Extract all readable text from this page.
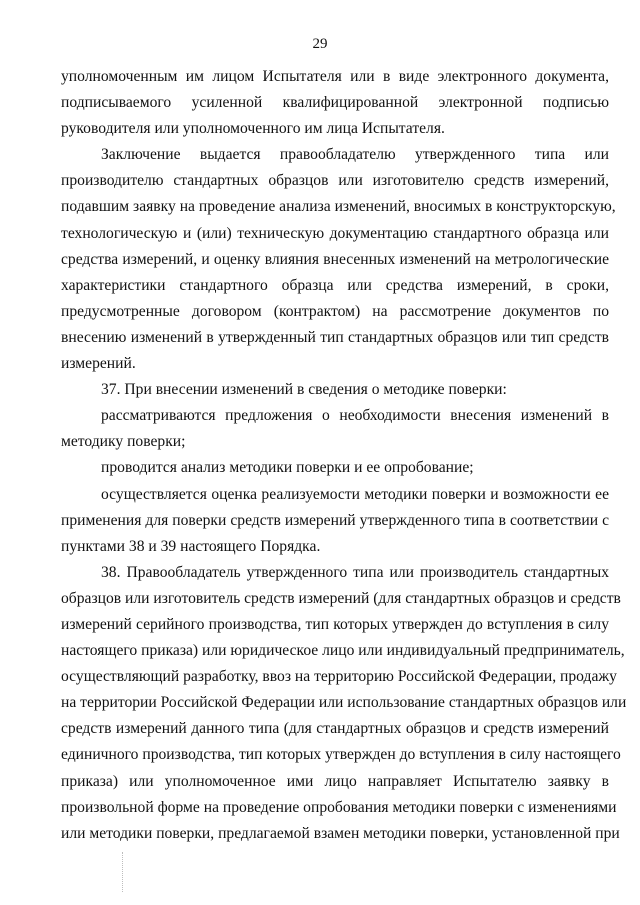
29
уполномоченным им лицом Испытателя или в виде электронного документа,
подписываемого усиленной квалифицированной электронной подписью
руководителя или уполномоченного им лица Испытателя.
Заключение выдается правообладателю утвержденного типа или
производителю стандартных образцов или изготовителю средств измерений,
подавшим заявку на проведение анализа изменений, вносимых в конструкторскую,
технологическую и (или) техническую документацию стандартного образца или
средства измерений, и оценку влияния внесенных изменений на метрологические
характеристики стандартного образца или средства измерений, в сроки,
предусмотренные договором (контрактом) на рассмотрение документов по
внесению изменений в утвержденный тип стандартных образцов или тип средств
измерений.
37. При внесении изменений в сведения о методике поверки:
рассматриваются предложения о необходимости внесения изменений в
методику поверки;
проводится анализ методики поверки и ее опробование;
осуществляется оценка реализуемости методики поверки и возможности ее
применения для поверки средств измерений утвержденного типа в соответствии с
пунктами 38 и 39 настоящего Порядка.
38. Правообладатель утвержденного типа или производитель стандартных
образцов или изготовитель средств измерений (для стандартных образцов и средств
измерений серийного производства, тип которых утвержден до вступления в силу
настоящего приказа) или юридическое лицо или индивидуальный предприниматель,
осуществляющий разработку, ввоз на территорию Российской Федерации, продажу
на территории Российской Федерации или использование стандартных образцов или
средств измерений данного типа (для стандартных образцов и средств измерений
единичного производства, тип которых утвержден до вступления в силу настоящего
приказа) или уполномоченное ими лицо направляет Испытателю заявку в
произвольной форме на проведение опробования методики поверки с изменениями
или методики поверки, предлагаемой взамен методики поверки, установленной при
